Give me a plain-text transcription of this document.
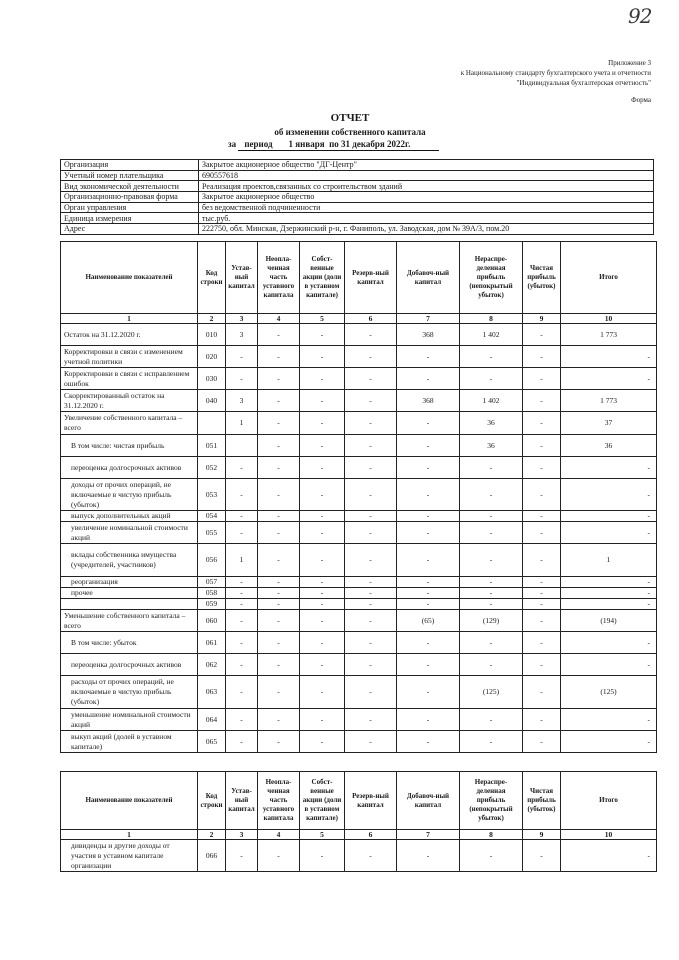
92
Приложение 3
к Национальному стандарту бухгалтерского учета и отчетности
"Индивидуальная бухгалтерская отчетность"
Форма
ОТЧЕТ
об изменении собственного капитала
за период 1 января по 31 декабря 2022г.
Организация	Закрытое акционерное общество "ДГ-Центр"
Учетный номер плательщика	690557618
Вид экономической деятельности	Реализация проектов,связанных со строительством зданий
Организационно-правовая форма	Закрытое акционерное общество
Орган управления	без ведомственной подчиненности
Единица измерения	тыс.руб.
Адрес	222750, обл. Минская, Дзержинский р-н, г. Фаниполь, ул. Заводская, дом № 39А/3, пом.20
Наименование показателей	Код строки	Устав-ный капитал	Неопла-ченная часть уставного капитала	Собст-венные акции (доли в уставном капитале)	Резерв-ный капитал	Добавоч-ный капитал	Нераспре-деленная прибыль (непокрытый убыток)	Чистая прибыль (убыток)	Итого
1	2	3	4	5	6	7	8	9	10
Остаток на 31.12.2020 г.	010	3	-	-	-	368	1 402	-	1 773
Корректировки в связи с изменением учетной политики	020	-	-	-	-	-	-	-	-
Корректировки в связи с исправлением ошибок	030	-	-	-	-	-	-	-	-
Скорректированный остаток на 31.12.2020 г.	040	3	-	-	-	368	1 402	-	1 773
Увеличение собственного капитала – всего		1	-	-	-	-	36	-	37
В том числе: чистая прибыль	051		-	-	-	-	36	-	36
переоценка долгосрочных активов	052	-	-	-	-	-	-	-	-
доходы от прочих операций, не включаемые в чистую прибыль (убыток)	053	-	-	-	-	-	-	-	-
выпуск дополнительных акций	054	-	-	-	-	-	-	-	-
увеличение номинальной стоимости акций	055	-	-	-	-	-	-	-	-
вклады собственника имущества (учредителей, участников)	056	1	-	-	-	-	-	-	1
реорганизация	057	-	-	-	-	-	-	-	-
прочее	058	-	-	-	-	-	-	-	-
	059	-	-	-	-	-	-	-	-
Уменьшение собственного капитала – всего	060	-	-	-	-	(65)	(129)	-	(194)
В том числе: убыток	061	-	-	-	-	-	-	-	-
переоценка долгосрочных активов	062	-	-	-	-	-	-	-	-
расходы от прочих операций, не включаемые в чистую прибыль (убыток)	063	-	-	-	-	-	(125)	-	(125)
уменьшение номинальной стоимости акций	064	-	-	-	-	-	-	-	-
выкуп акций (долей в уставном капитале)	065	-	-	-	-	-	-	-	-
Наименование показателей	Код строки	Устав-ный капитал	Неопла-ченная часть уставного капитала	Собст-венные акции (доли в уставном капитале)	Резерв-ный капитал	Добавоч-ный капитал	Нераспре-деленная прибыль (непокрытый убыток)	Чистая прибыль (убыток)	Итого
1	2	3	4	5	6	7	8	9	10
дивиденды и другие доходы от участия в уставном капитале организации	066	-	-	-	-	-	-	-	-
